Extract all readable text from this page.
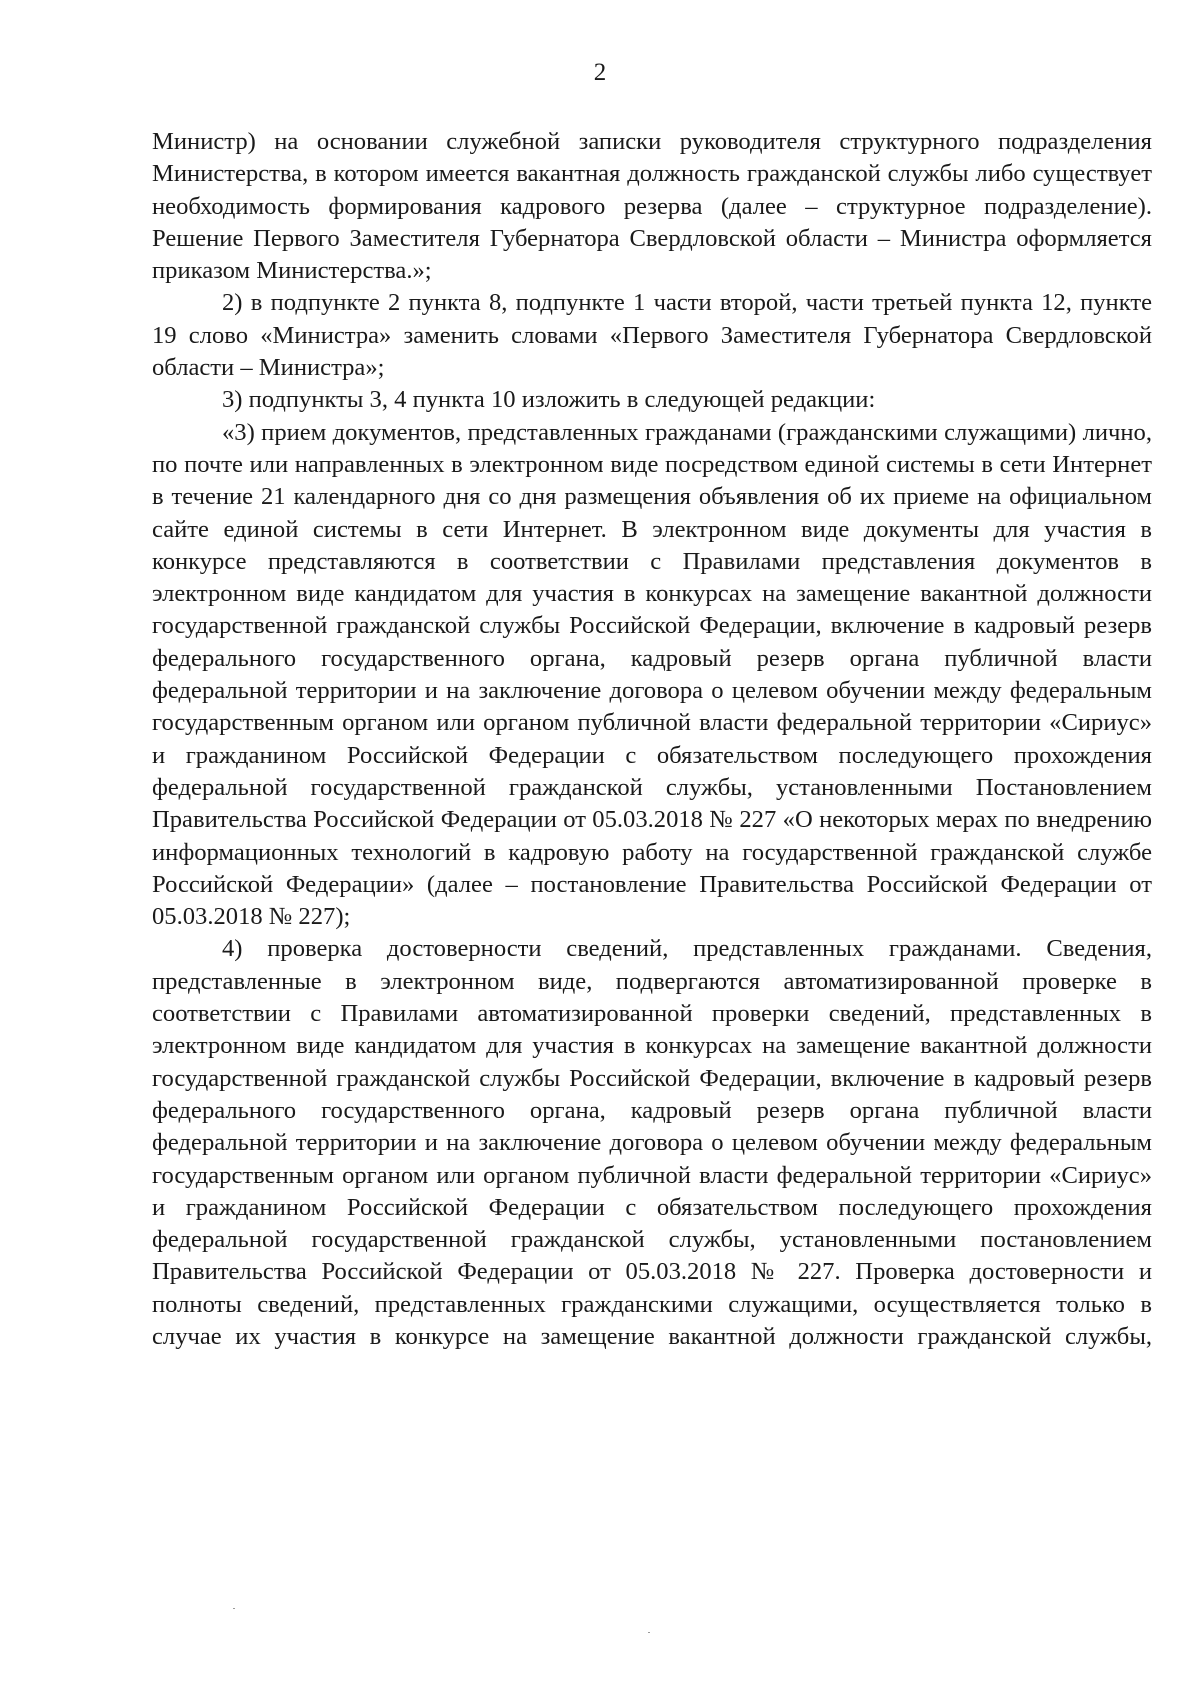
2

Министр) на основании служебной записки руководителя структурного подразделения Министерства, в котором имеется вакантная должность гражданской службы либо существует необходимость формирования кадрового резерва (далее – структурное подразделение). Решение Первого Заместителя Губернатора Свердловской области – Министра оформляется приказом Министерства.»;

2) в подпункте 2 пункта 8, подпункте 1 части второй, части третьей пункта 12, пункте 19 слово «Министра» заменить словами «Первого Заместителя Губернатора Свердловской области – Министра»;

3) подпункты 3, 4 пункта 10 изложить в следующей редакции:

«3) прием документов, представленных гражданами (гражданскими служащими) лично, по почте или направленных в электронном виде посредством единой системы в сети Интернет в течение 21 календарного дня со дня размещения объявления об их приеме на официальном сайте единой системы в сети Интернет. В электронном виде документы для участия в конкурсе представляются в соответствии с Правилами представления документов в электронном виде кандидатом для участия в конкурсах на замещение вакантной должности государственной гражданской службы Российской Федерации, включение в кадровый резерв федерального государственного органа, кадровый резерв органа публичной власти федеральной территории и на заключение договора о целевом обучении между федеральным государственным органом или органом публичной власти федеральной территории «Сириус» и гражданином Российской Федерации с обязательством последующего прохождения федеральной государственной гражданской службы, установленными Постановлением Правительства Российской Федерации от 05.03.2018 № 227 «О некоторых мерах по внедрению информационных технологий в кадровую работу на государственной гражданской службе Российской Федерации» (далее – постановление Правительства Российской Федерации от 05.03.2018 № 227);

4) проверка достоверности сведений, представленных гражданами. Сведения, представленные в электронном виде, подвергаются автоматизированной проверке в соответствии с Правилами автоматизированной проверки сведений, представленных в электронном виде кандидатом для участия в конкурсах на замещение вакантной должности государственной гражданской службы Российской Федерации, включение в кадровый резерв федерального государственного органа, кадровый резерв органа публичной власти федеральной территории и на заключение договора о целевом обучении между федеральным государственным органом или органом публичной власти федеральной территории «Сириус» и гражданином Российской Федерации с обязательством последующего прохождения федеральной государственной гражданской службы, установленными постановлением Правительства Российской Федерации от 05.03.2018 № 227. Проверка достоверности и полноты сведений, представленных гражданскими служащими, осуществляется только в случае их участия в конкурсе на замещение вакантной должности гражданской службы,
